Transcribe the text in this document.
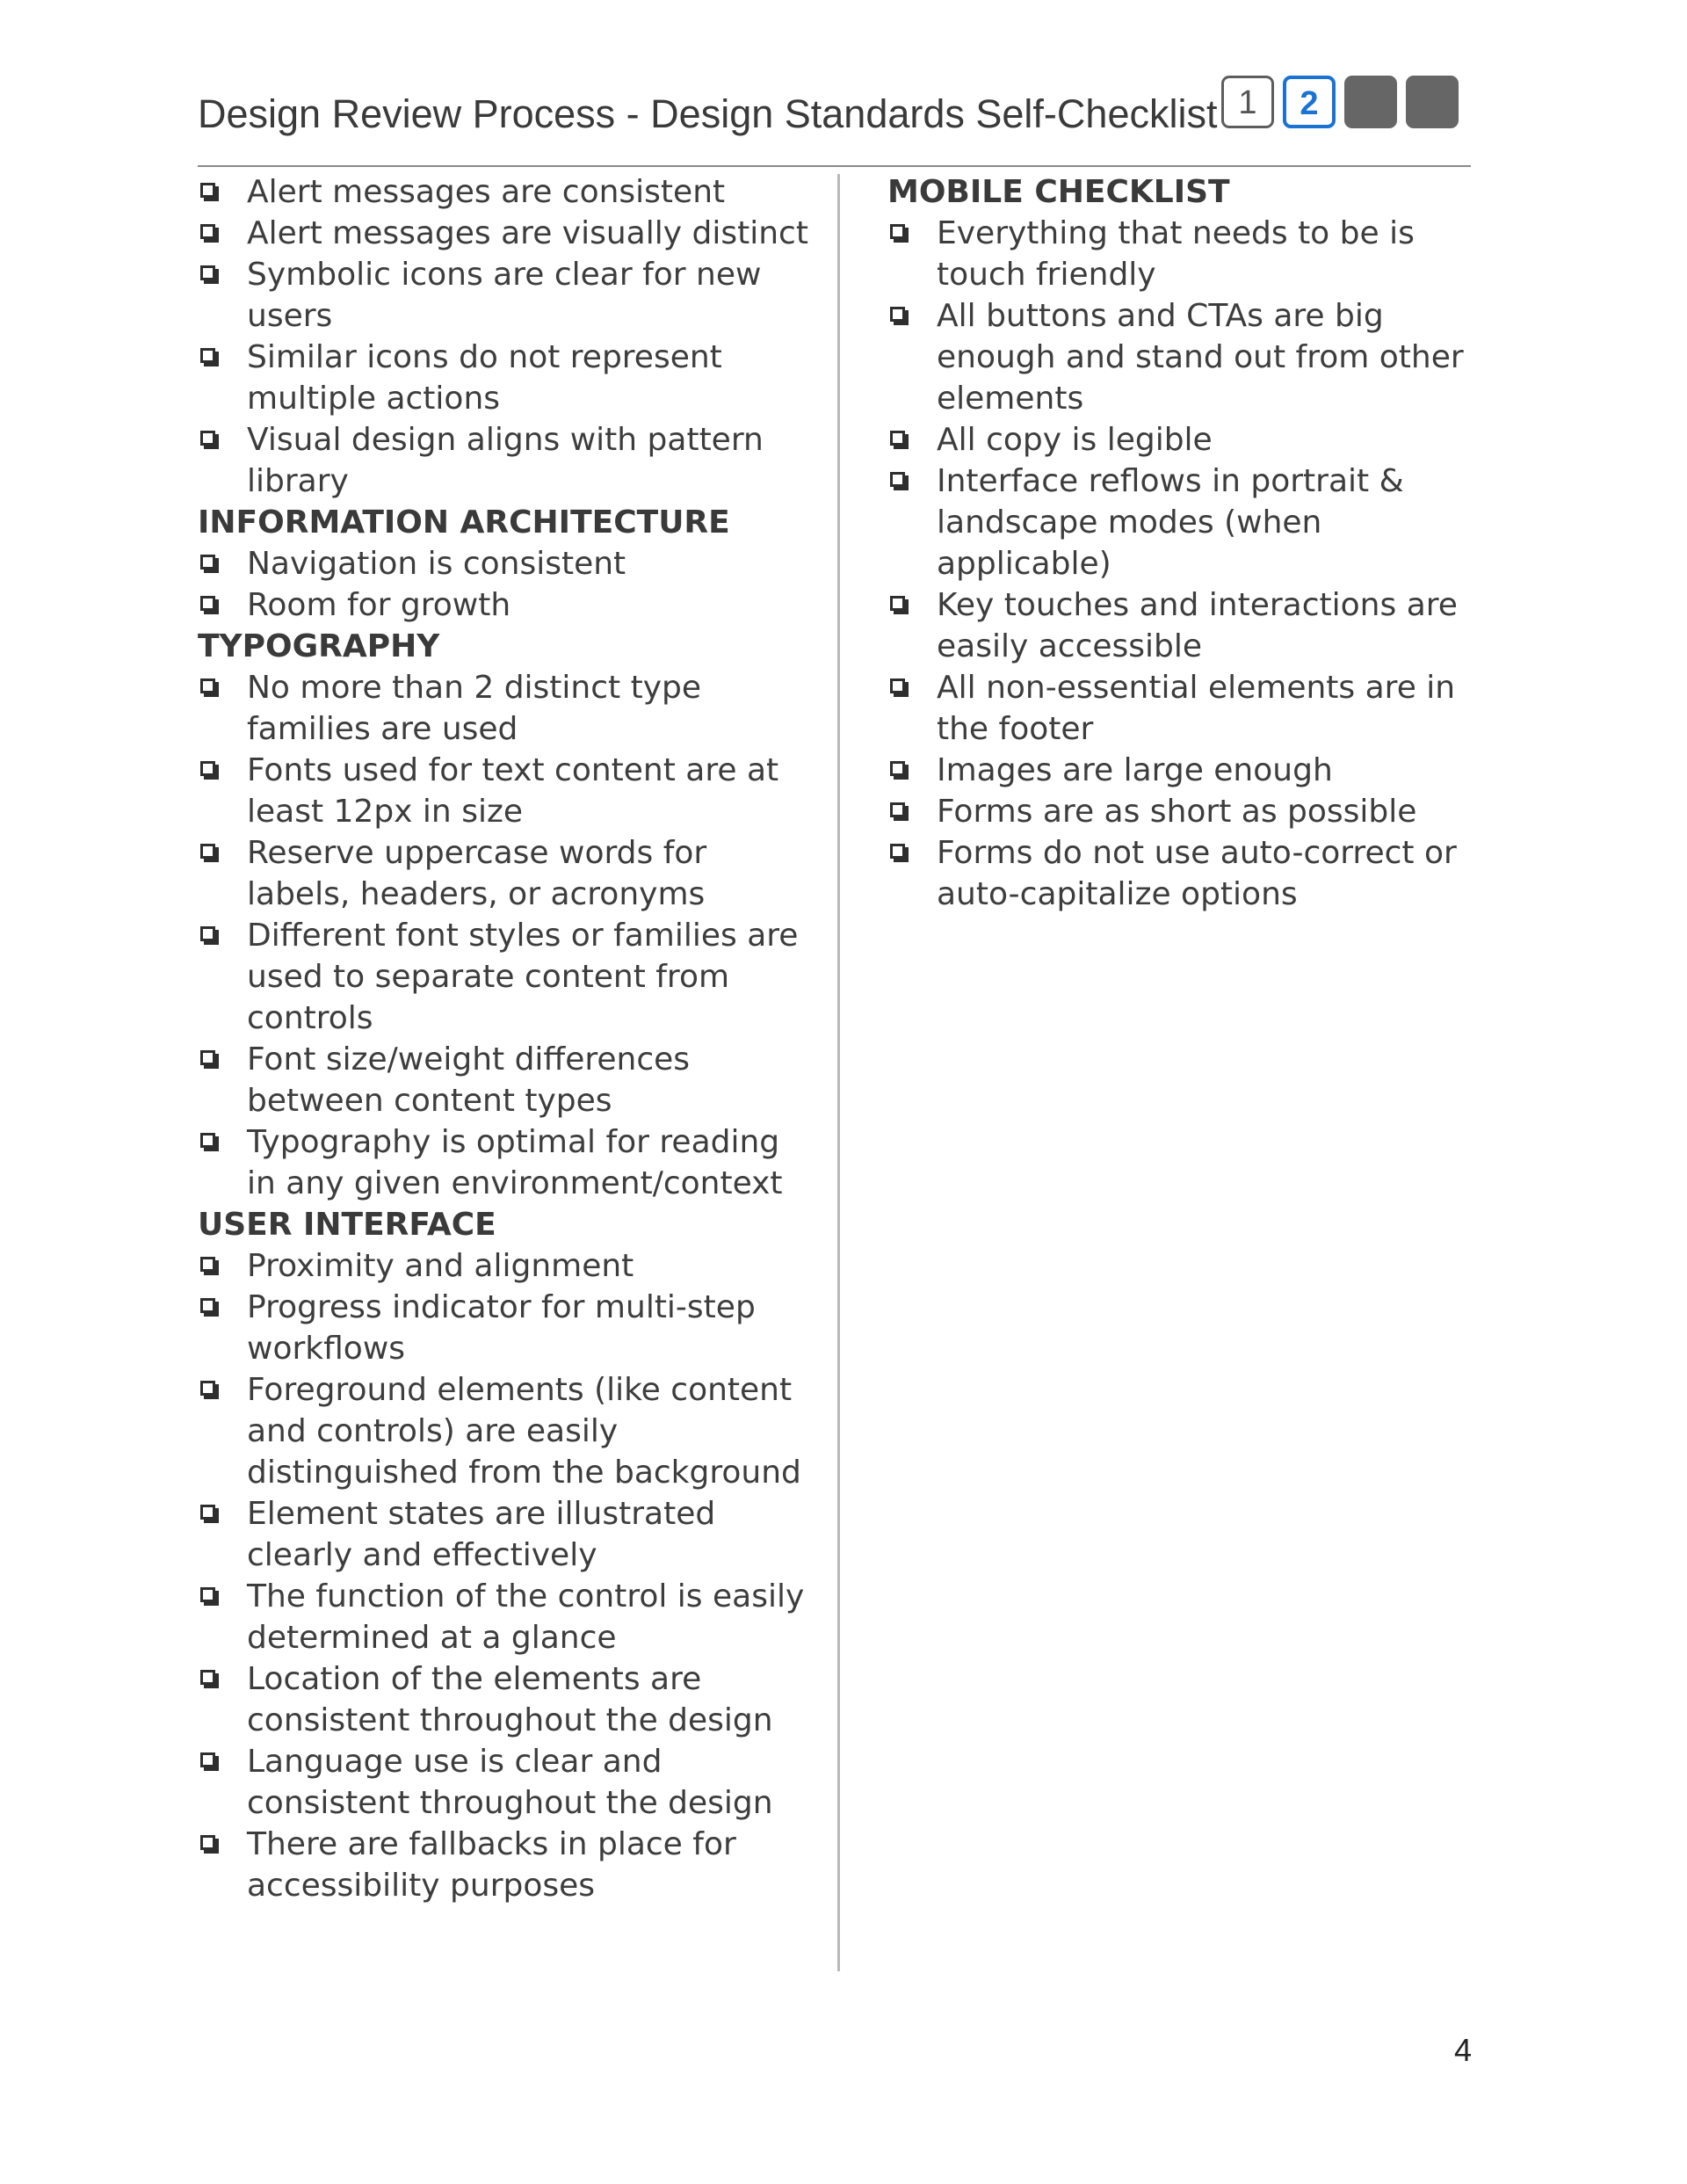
Design Review Process - Design Standards Self-Checklist 1	2
Alert messages are consistent
Alert messages are visually distinct
Symbolic icons are clear for new users
Similar icons do not represent multiple actions
Visual design aligns with pattern library
INFORMATION ARCHITECTURE
Navigation is consistent
Room for growth
TYPOGRAPHY
No more than 2 distinct type families are used
Fonts used for text content are at least 12px in size
Reserve uppercase words for labels, headers, or acronyms
Different font styles or families are used to separate content from controls
Font size/weight differences between content types
Typography is optimal for reading in any given environment/context
USER INTERFACE
Proximity and alignment
Progress indicator for multi-step workflows
Foreground elements (like content and controls) are easily distinguished from the background
Element states are illustrated clearly and effectively
The function of the control is easily determined at a glance
Location of the elements are consistent throughout the design
Language use is clear and consistent throughout the design
There are fallbacks in place for accessibility purposes
MOBILE CHECKLIST
Everything that needs to be is touch friendly
All buttons and CTAs are big enough and stand out from other elements
All copy is legible
Interface reflows in portrait & landscape modes (when applicable)
Key touches and interactions are easily accessible
All non-essential elements are in the footer
Images are large enough
Forms are as short as possible
Forms do not use auto-correct or auto-capitalize options
4
